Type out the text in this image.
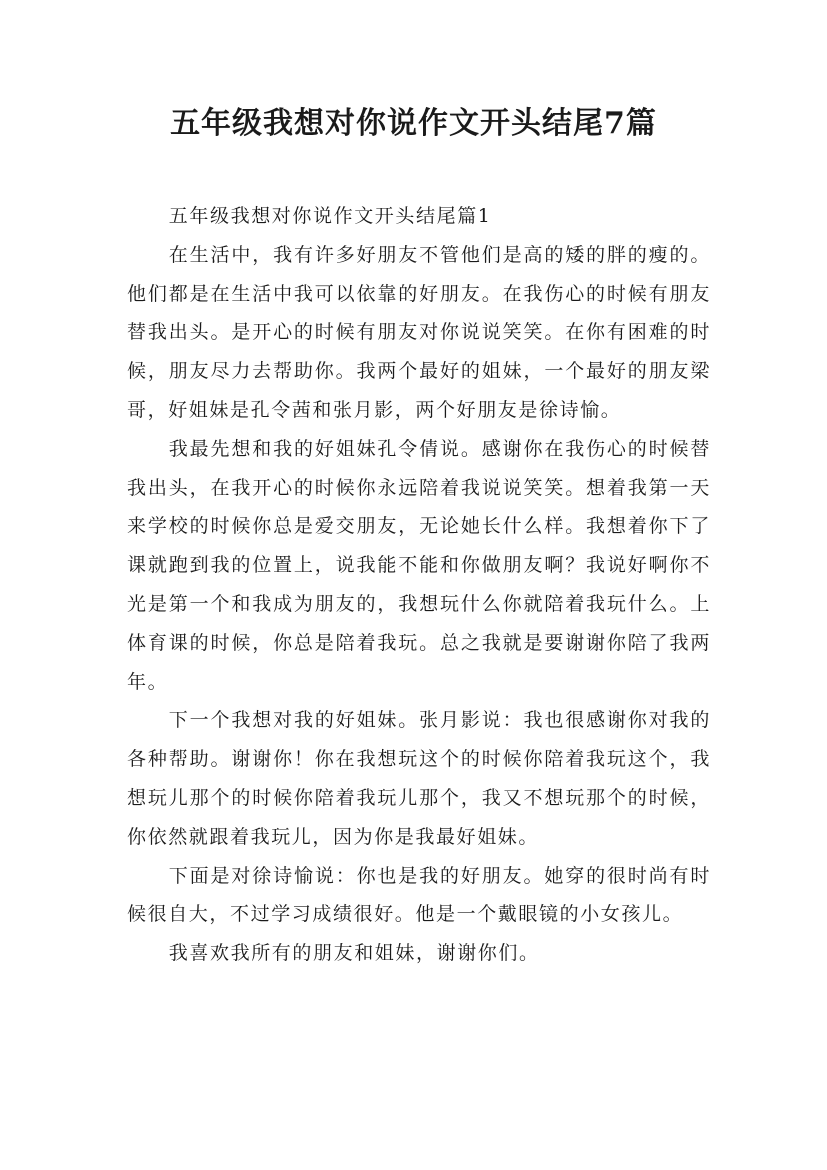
五年级我想对你说作文开头结尾7篇

五年级我想对你说作文开头结尾篇1

在生活中，我有许多好朋友不管他们是高的矮的胖的瘦的。他们都是在生活中我可以依靠的好朋友。在我伤心的时候有朋友替我出头。是开心的时候有朋友对你说说笑笑。在你有困难的时候，朋友尽力去帮助你。我两个最好的姐妹，一个最好的朋友梁哥，好姐妹是孔令茜和张月影，两个好朋友是徐诗愉。

我最先想和我的好姐妹孔令倩说。感谢你在我伤心的时候替我出头，在我开心的时候你永远陪着我说说笑笑。想着我第一天来学校的时候你总是爱交朋友，无论她长什么样。我想着你下了课就跑到我的位置上，说我能不能和你做朋友啊？我说好啊你不光是第一个和我成为朋友的，我想玩什么你就陪着我玩什么。上体育课的时候，你总是陪着我玩。总之我就是要谢谢你陪了我两年。

下一个我想对我的好姐妹。张月影说：我也很感谢你对我的各种帮助。谢谢你！你在我想玩这个的时候你陪着我玩这个，我想玩儿那个的时候你陪着我玩儿那个，我又不想玩那个的时候，你依然就跟着我玩儿，因为你是我最好姐妹。

下面是对徐诗愉说：你也是我的好朋友。她穿的很时尚有时候很自大，不过学习成绩很好。他是一个戴眼镜的小女孩儿。

我喜欢我所有的朋友和姐妹，谢谢你们。
